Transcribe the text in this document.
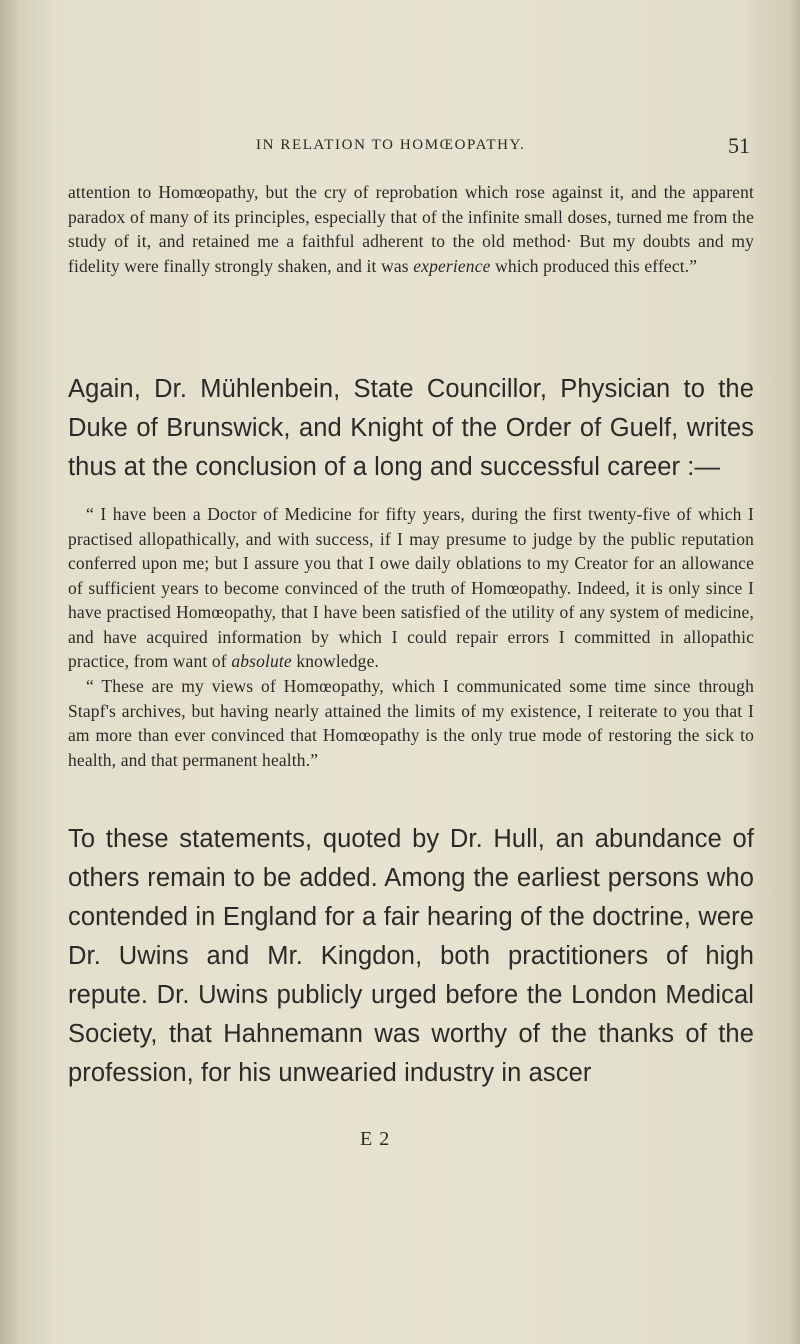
IN RELATION TO HOMŒOPATHY.	51

attention to Homœopathy, but the cry of reprobation which rose against it, and the apparent paradox of many of its principles, especially that of the infinite small doses, turned me from the study of it, and retained me a faithful adherent to the old method· But my doubts and my fidelity were finally strongly shaken, and it was experience which produced this effect.”

Again, Dr. Mühlenbein, State Councillor, Physician to the Duke of Brunswick, and Knight of the Order of Guelf, writes thus at the conclusion of a long and successful career :—

“ I have been a Doctor of Medicine for fifty years, during the first twenty-five of which I practised allopathically, and with success, if I may presume to judge by the public reputation conferred upon me; but I assure you that I owe daily oblations to my Creator for an allowance of sufficient years to become convinced of the truth of Homœopathy. Indeed, it is only since I have practised Homœopathy, that I have been satisfied of the utility of any system of medicine, and have acquired information by which I could repair errors I committed in allopathic practice, from want of absolute knowledge.

“ These are my views of Homœopathy, which I communicated some time since through Stapf's archives, but having nearly attained the limits of my existence, I reiterate to you that I am more than ever convinced that Homœopathy is the only true mode of restoring the sick to health, and that permanent health.”

To these statements, quoted by Dr. Hull, an abundance of others remain to be added. Among the earliest persons who contended in England for a fair hearing of the doctrine, were Dr. Uwins and Mr. Kingdon, both practitioners of high repute. Dr. Uwins publicly urged before the London Medical Society, that Hahnemann was worthy of the thanks of the profession, for his unwearied industry in ascer

E 2
